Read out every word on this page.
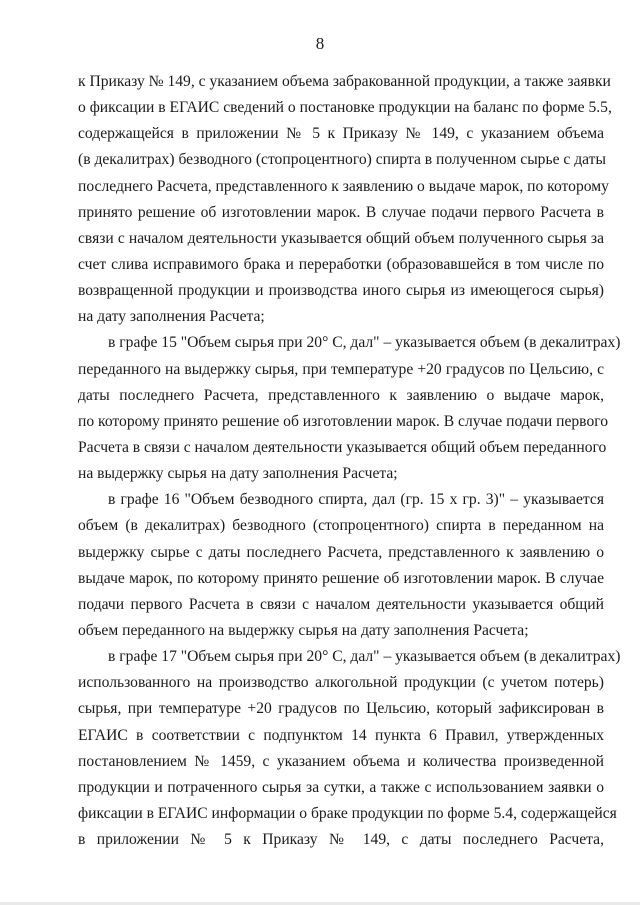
8
к Приказу № 149, с указанием объема забракованной продукции, а также заявки
о фиксации в ЕГАИС сведений о постановке продукции на баланс по форме 5.5,
содержащейся в приложении № 5 к Приказу № 149, с указанием объема
(в декалитрах) безводного (стопроцентного) спирта в полученном сырье с даты
последнего Расчета, представленного к заявлению о выдаче марок, по которому
принято решение об изготовлении марок. В случае подачи первого Расчета в
связи с началом деятельности указывается общий объем полученного сырья за
счет слива исправимого брака и переработки (образовавшейся в том числе по
возвращенной продукции и производства иного сырья из имеющегося сырья)
на дату заполнения Расчета;
в графе 15 "Объем сырья при 20° С, дал" – указывается объем (в декалитрах)
переданного на выдержку сырья, при температуре +20 градусов по Цельсию, с
даты последнего Расчета, представленного к заявлению о выдаче марок,
по которому принято решение об изготовлении марок. В случае подачи первого
Расчета в связи с началом деятельности указывается общий объем переданного
на выдержку сырья на дату заполнения Расчета;
в графе 16 "Объем безводного спирта, дал (гр. 15 х гр. 3)" – указывается
объем (в декалитрах) безводного (стопроцентного) спирта в переданном на
выдержку сырье с даты последнего Расчета, представленного к заявлению о
выдаче марок, по которому принято решение об изготовлении марок. В случае
подачи первого Расчета в связи с началом деятельности указывается общий
объем переданного на выдержку сырья на дату заполнения Расчета;
в графе 17 "Объем сырья при 20° С, дал" – указывается объем (в декалитрах)
использованного на производство алкогольной продукции (с учетом потерь)
сырья, при температуре +20 градусов по Цельсию, который зафиксирован в
ЕГАИС в соответствии с подпунктом 14 пункта 6 Правил, утвержденных
постановлением № 1459, с указанием объема и количества произведенной
продукции и потраченного сырья за сутки, а также с использованием заявки о
фиксации в ЕГАИС информации о браке продукции по форме 5.4, содержащейся
в приложении № 5 к Приказу № 149, с даты последнего Расчета,
